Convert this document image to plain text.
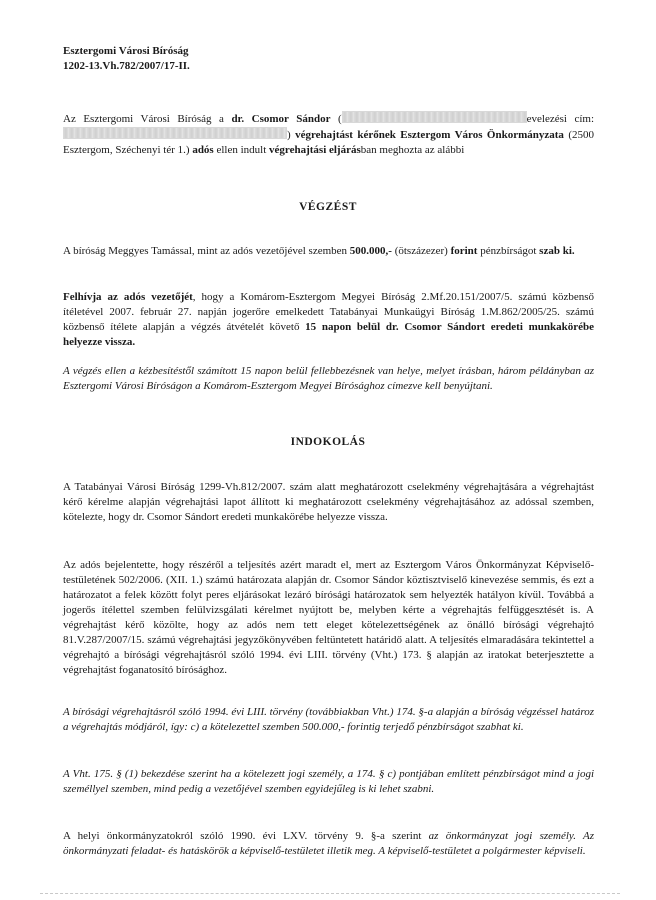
Esztergomi Városi Bíróság
1202-13.Vh.782/2007/17-II.
Az Esztergomi Városi Bíróság a dr. Csomor Sándor (	evelezési cím: ) végrehajtást kérőnek Esztergom Város Önkormányzata (2500 Esztergom, Széchenyi tér 1.) adós ellen indult végrehajtási eljárásban meghozta az alábbi
VÉGZÉST
A bíróság Meggyes Tamással, mint az adós vezetőjével szemben 500.000,- (ötszázezer) forint pénzbírságot szab ki.
Felhívja az adós vezetőjét, hogy a Komárom-Esztergom Megyei Bíróság 2.Mf.20.151/2007/5. számú közbenső ítéletével 2007. február 27. napján jogerőre emelkedett Tatabányai Munkaügyi Bíróság 1.M.862/2005/25. számú közbenső ítélete alapján a végzés átvételét követő 15 napon belül dr. Csomor Sándort eredeti munkakörébe helyezze vissza.
A végzés ellen a kézbesítéstől számított 15 napon belül fellebbezésnek van helye, melyet írásban, három példányban az Esztergomi Városi Bíróságon a Komárom-Esztergom Megyei Bírósághoz címezve kell benyújtani.
INDOKOLÁS
A Tatabányai Városi Bíróság 1299-Vh.812/2007. szám alatt meghatározott cselekmény végrehajtására a végrehajtást kérő kérelme alapján végrehajtási lapot állított ki meghatározott cselekmény végrehajtásához az adóssal szemben, kötelezte, hogy dr. Csomor Sándort eredeti munkakörébe helyezze vissza.
Az adós bejelentette, hogy részéről a teljesítés azért maradt el, mert az Esztergom Város Önkormányzat Képviselő-testületének 502/2006. (XII. 1.) számú határozata alapján dr. Csomor Sándor köztisztviselő kinevezése semmis, és ezt a határozatot a felek között folyt peres eljárásokat lezáró bírósági határozatok sem helyezték hatályon kívül. Továbbá a jogerős ítélettel szemben felülvizsgálati kérelmet nyújtott be, melyben kérte a végrehajtás felfüggesztését is. A végrehajtást kérő közölte, hogy az adós nem tett eleget kötelezettségének az önálló bírósági végrehajtó 81.V.287/2007/15. számú végrehajtási jegyzőkönyvében feltüntetett határidő alatt. A teljesítés elmaradására tekintettel a végrehajtó a bírósági végrehajtásról szóló 1994. évi LIII. törvény (Vht.) 173. § alapján az iratokat beterjesztette a végrehajtást foganatosító bírósághoz.
A bírósági végrehajtásról szóló 1994. évi LIII. törvény (továbbiakban Vht.) 174. §-a alapján a bíróság végzéssel határoz a végrehajtás módjáról, így: c) a kötelezettel szemben 500.000,- forintig terjedő pénzbírságot szabhat ki.
A Vht. 175. § (1) bekezdése szerint ha a kötelezett jogi személy, a 174. § c) pontjában említett pénzbírságot mind a jogi személlyel szemben, mind pedig a vezetőjével szemben egyidejűleg is ki lehet szabni.
A helyi önkormányzatokról szóló 1990. évi LXV. törvény 9. §-a szerint az önkormányzat jogi személy. Az önkormányzati feladat- és hatáskörök a képviselő-testületet illetik meg. A képviselő-testületet a polgármester képviseli.
